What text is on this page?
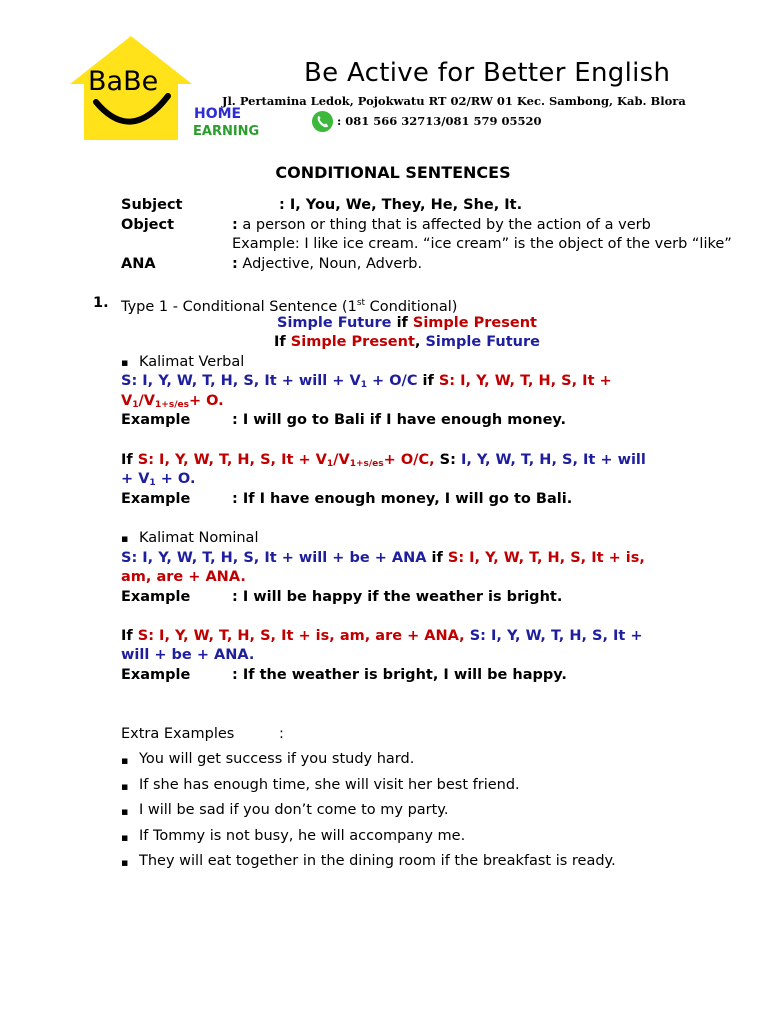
BaBe	Be Active for Better English
Jl. Pertamina Ledok, Pojokwatu RT 02/RW 01 Kec. Sambong, Kab. Blora
HOME
EARNING
: 081 566 32713/081 579 05520
CONDITIONAL SENTENCES
Subject	: I, You, We, They, He, She, It.
Object	: a person or thing that is affected by the action of a verb
Example: I like ice cream. “ice cream” is the object of the verb “like”
ANA	: Adjective, Noun, Adverb.
1. Type 1 - Conditional Sentence (1st Conditional)
Simple Future if Simple Present
If Simple Present, Simple Future
▪ Kalimat Verbal
S: I, Y, W, T, H, S, It + will + $V_1 + O/C$ if S: I, Y, W, T, H, S, It +
$V_1/V_{1+s/es}+ O$.
Example	: I will go to Bali if I have enough money.
If S: I, Y, W, T, H, S, $It + V_1/V_{1+s/es}+ O/C$, S: I, Y, W, T, H, S, It + will
+ $V_1 + O$.
Example	: If I have enough money, I will go to Bali.
▪ Kalimat Nominal
S: I, Y, W, T, H, S, It + will + be + ANA if S: I, Y, W, T, H, S, It + is,
am, are + ANA.
Example	: I will be happy if the weather is bright.
If S: I, Y, W, T, H, S, It + is, am, are + ANA, S: I, Y, W, T, H, S, It +
will + be + ANA.
Example	: If the weather is bright, I will be happy.
Extra Examples	:
▪ You will get success if you study hard.
▪ If she has enough time, she will visit her best friend.
▪ I will be sad if you don’t come to my party.
▪ If Tommy is not busy, he will accompany me.
▪ They will eat together in the dining room if the breakfast is ready.
